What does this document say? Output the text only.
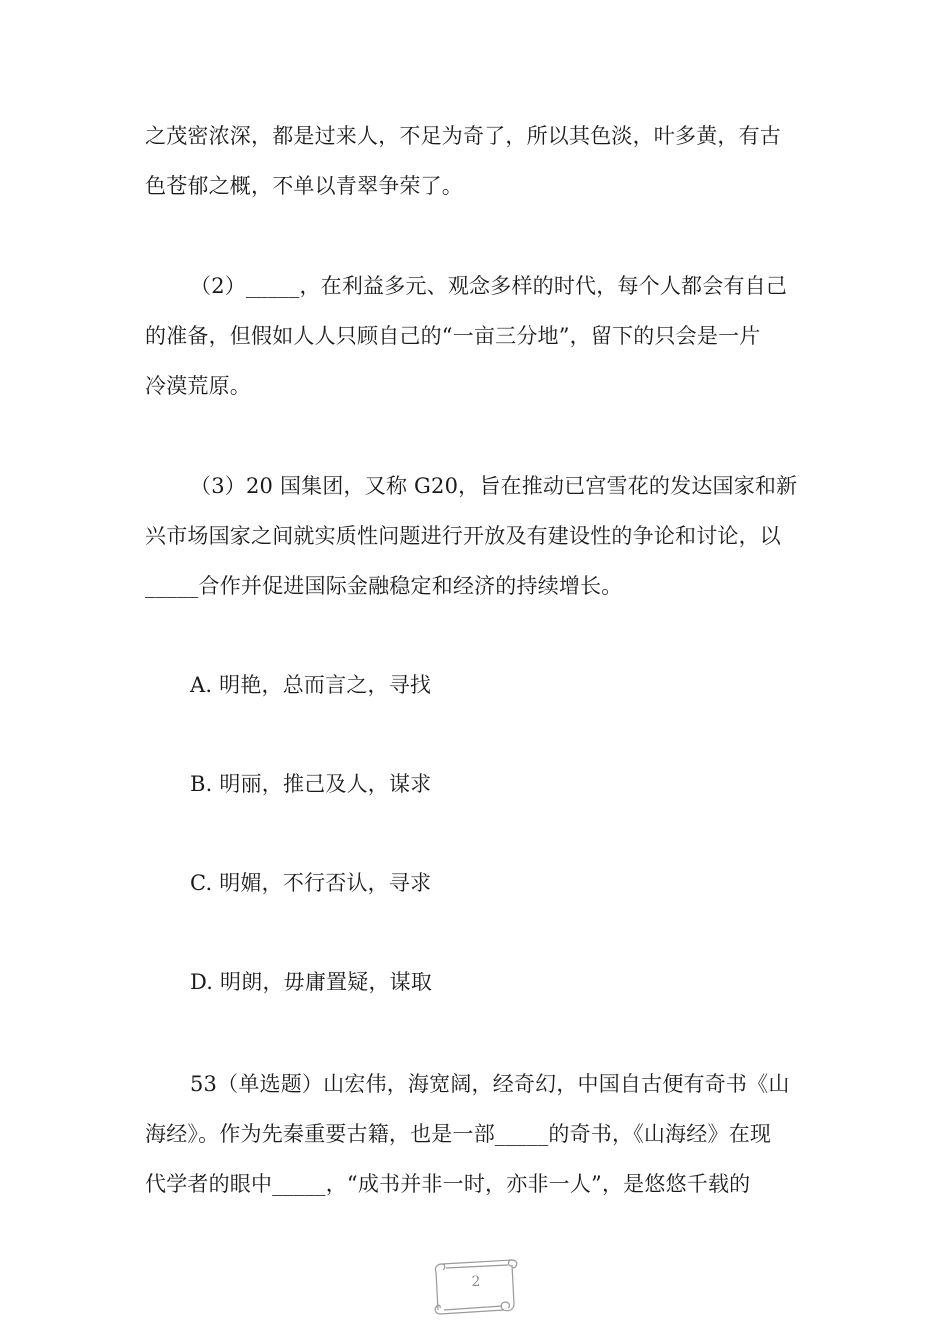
之茂密浓深，都是过来人，不足为奇了，所以其色淡，叶多黄，有古
色苍郁之概，不单以青翠争荣了。
（2）_____，在利益多元、观念多样的时代，每个人都会有自己
的准备，但假如人人只顾自己的“一亩三分地”，留下的只会是一片
冷漠荒原。
（3）20 国集团，又称 G20，旨在推动已宫雪花的发达国家和新
兴市场国家之间就实质性问题进行开放及有建设性的争论和讨论，以
_____合作并促进国际金融稳定和经济的持续增长。
A. 明艳，总而言之，寻找
B. 明丽，推己及人，谋求
C. 明媚，不行否认，寻求
D. 明朗，毋庸置疑，谋取
53（单选题）山宏伟，海宽阔，经奇幻，中国自古便有奇书《山
海经》。作为先秦重要古籍，也是一部_____的奇书，《山海经》在现
代学者的眼中_____，“成书并非一时，亦非一人”，是悠悠千载的
2
